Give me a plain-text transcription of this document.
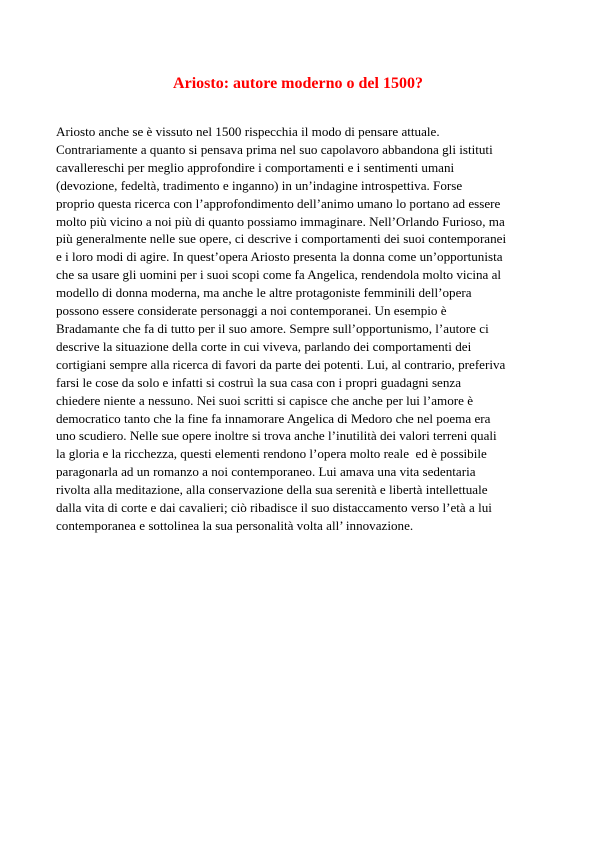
Ariosto: autore moderno o del 1500?
Ariosto anche se è vissuto nel 1500 rispecchia il modo di pensare attuale.
Contrariamente a quanto si pensava prima nel suo capolavoro abbandona gli istituti
cavallereschi per meglio approfondire i comportamenti e i sentimenti umani
(devozione, fedeltà, tradimento e inganno) in un’indagine introspettiva. Forse
proprio questa ricerca con l’approfondimento dell’animo umano lo portano ad essere
molto più vicino a noi più di quanto possiamo immaginare. Nell’Orlando Furioso, ma
più generalmente nelle sue opere, ci descrive i comportamenti dei suoi contemporanei
e i loro modi di agire. In quest’opera Ariosto presenta la donna come un’opportunista
che sa usare gli uomini per i suoi scopi come fa Angelica, rendendola molto vicina al
modello di donna moderna, ma anche le altre protagoniste femminili dell’opera
possono essere considerate personaggi a noi contemporanei. Un esempio è
Bradamante che fa di tutto per il suo amore. Sempre sull’opportunismo, l’autore ci
descrive la situazione della corte in cui viveva, parlando dei comportamenti dei
cortigiani sempre alla ricerca di favori da parte dei potenti. Lui, al contrario, preferiva
farsi le cose da solo e infatti si costruì la sua casa con i propri guadagni senza
chiedere niente a nessuno. Nei suoi scritti si capisce che anche per lui l’amore è
democratico tanto che la fine fa innamorare Angelica di Medoro che nel poema era
uno scudiero. Nelle sue opere inoltre si trova anche l’inutilità dei valori terreni quali
la gloria e la ricchezza, questi elementi rendono l’opera molto reale  ed è possibile
paragonarla ad un romanzo a noi contemporaneo. Lui amava una vita sedentaria
rivolta alla meditazione, alla conservazione della sua serenità e libertà intellettuale
dalla vita di corte e dai cavalieri; ciò ribadisce il suo distaccamento verso l’età a lui
contemporanea e sottolinea la sua personalità volta all’ innovazione.
